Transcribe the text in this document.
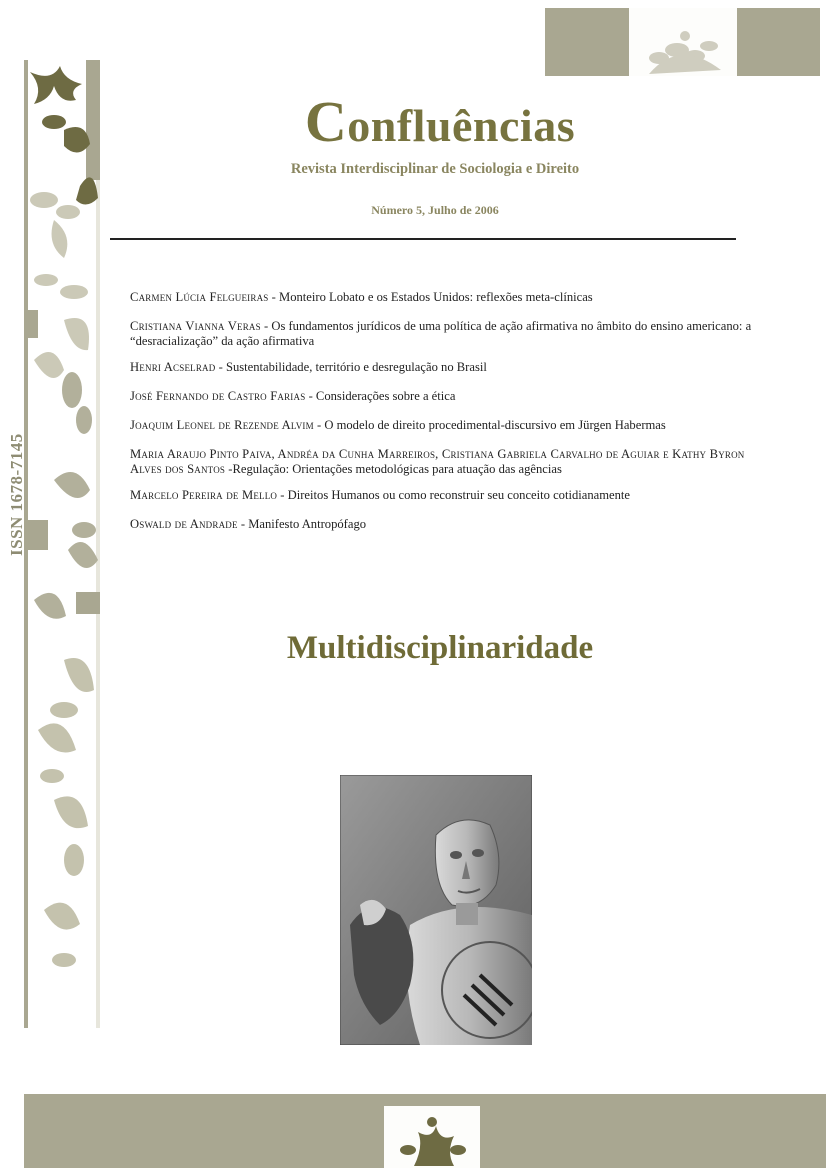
ISSN 1678-7145
Confluências
Revista Interdisciplinar de Sociologia e Direito
Número 5, Julho de 2006
Carmen Lúcia Felgueiras - Monteiro Lobato e os Estados Unidos: reflexões meta-clínicas
Cristiana Vianna Veras - Os fundamentos jurídicos de uma política de ação afirmativa no âmbito do ensino americano: a “desracialização” da ação afirmativa
Henri Acselrad - Sustentabilidade, território e desregulação no Brasil
José Fernando de Castro Farias - Considerações sobre a ética
Joaquim Leonel de Rezende Alvim - O modelo de direito procedimental-discursivo em Jürgen Habermas
Maria Araujo Pinto Paiva, Andréa da Cunha Marreiros, Cristiana Gabriela Carvalho de Aguiar e Kathy Byron Alves dos Santos -Regulação: Orientações metodológicas para atuação das agências
Marcelo Pereira de Mello - Direitos Humanos ou como reconstruir seu conceito cotidianamente
Oswald de Andrade - Manifesto Antropófago
Multidisciplinaridade
